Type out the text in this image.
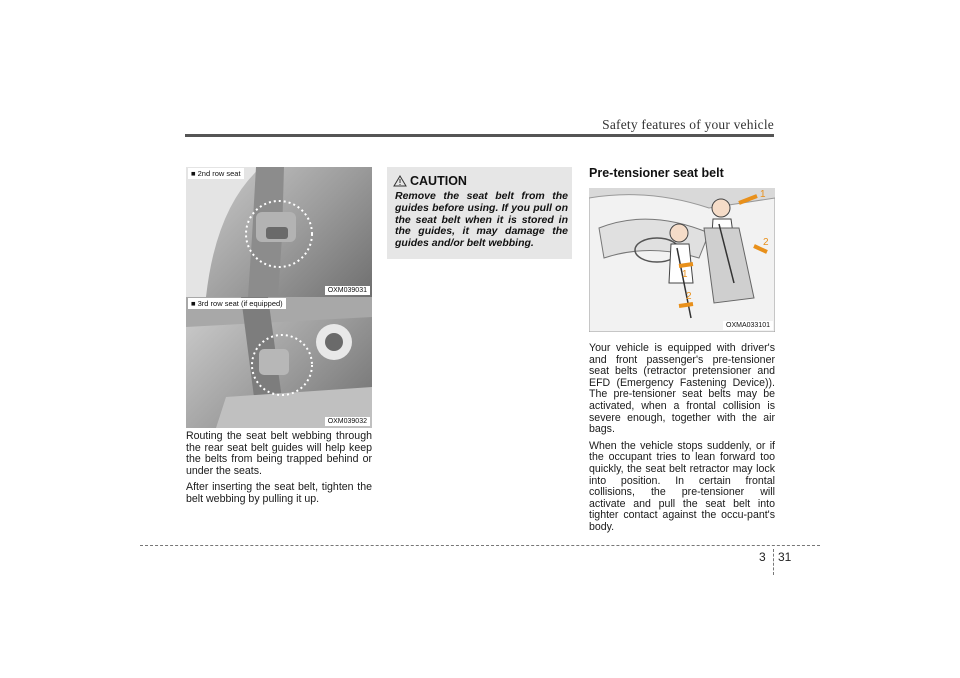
Safety features of your vehicle
■ 2nd row seat
OXM039031
■ 3rd row seat (if equipped)
OXM039032

Routing the seat belt webbing through the rear seat belt guides will help keep the belts from being trapped behind or under the seats.

After inserting the seat belt, tighten the belt webbing by pulling it up.

CAUTION
Remove the seat belt from the guides before using. If you pull on the seat belt when it is stored in the guides, it may damage the guides and/or belt webbing.
Pre-tensioner seat belt
1
2
1
2
OXMA033101

Your vehicle is equipped with driver's and front passenger's pre-tensioner seat belts (retractor pretensioner and EFD (Emergency Fastening Device)). The pre-tensioner seat belts may be activated, when a frontal collision is severe enough, together with the air bags.

When the vehicle stops suddenly, or if the occupant tries to lean forward too quickly, the seat belt retractor may lock into position. In certain frontal collisions, the pre-tensioner will activate and pull the seat belt into tighter contact against the occu-pant's body.

3 31
